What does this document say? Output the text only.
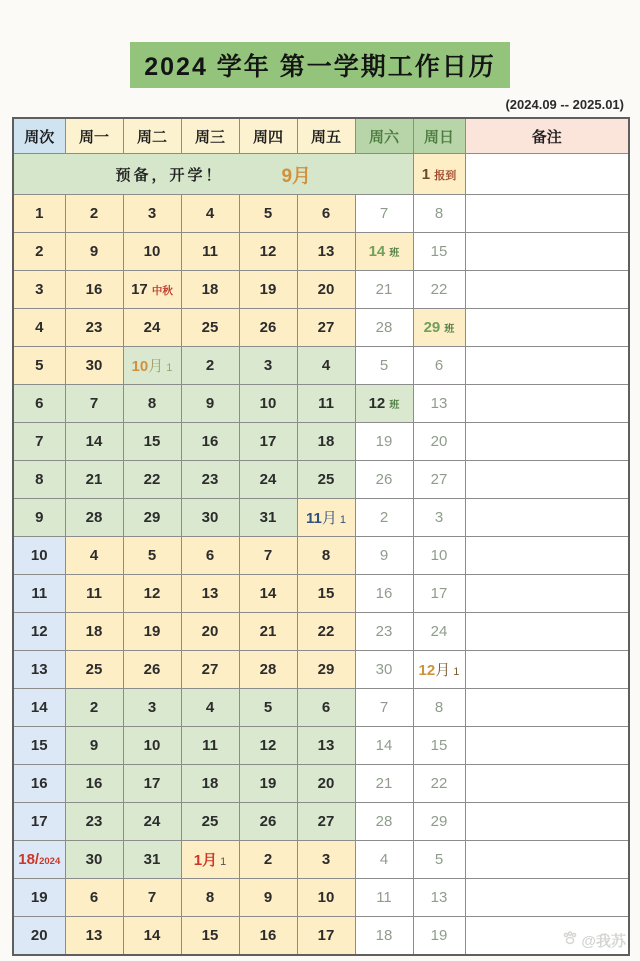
2024 学年 第一学期工作日历
(2024.09 -- 2025.01)
周次	周一	周二	周三	周四	周五	周六	周日	备注

预备，开学！ 9月							1 报到	
1	2	3	4	5	6	7	8	
2	9	10	11	12	13	14 班	15	
3	16	17 中秋	18	19	20	21	22	
4	23	24	25	26	27	28	29 班	
5	30	10月 1	2	3	4	5	6	
6	7	8	9	10	11	12 班	13	
7	14	15	16	17	18	19	20	
8	21	22	23	24	25	26	27	
9	28	29	30	31	11月 1	2	3	
10	4	5	6	7	8	9	10	
11	11	12	13	14	15	16	17	
12	18	19	20	21	22	23	24	
13	25	26	27	28	29	30	12月 1	
14	2	3	4	5	6	7	8	
15	9	10	11	12	13	14	15	
16	16	17	18	19	20	21	22	
17	23	24	25	26	27	28	29	
18/2024	30	31	1月 1	2	3	4	5	
19	6	7	8	9	10	11	13	
20	13	14	15	16	17	18	19		@我苏
